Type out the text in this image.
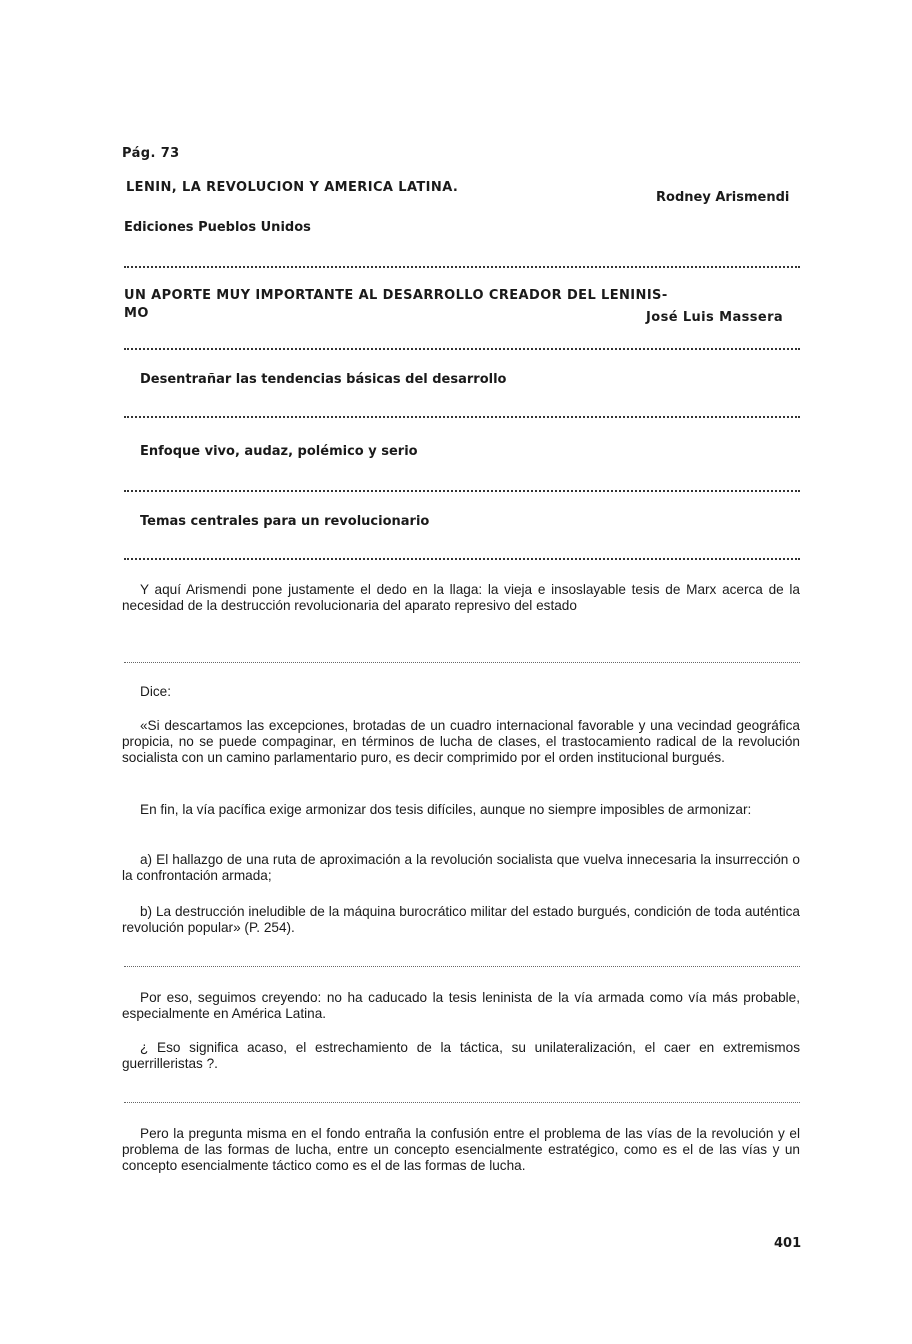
Pág. 73
LENIN, LA REVOLUCION Y AMERICA LATINA.
Rodney Arismendi
Ediciones Pueblos Unidos
UN APORTE MUY IMPORTANTE AL DESARROLLO CREADOR DEL LENINIS-
MO	José Luis Massera
Desentrañar las tendencias básicas del desarrollo
Enfoque vivo, audaz, polémico y serio
Temas centrales para un revolucionario
Y aquí Arismendi pone justamente el dedo en la llaga: la vieja e insoslayable tesis de Marx acerca de la necesidad de la destrucción revolucionaria del aparato represivo del estado
Dice:
«Si descartamos las excepciones, brotadas de un cuadro internacional favorable y una vecindad geográfica propicia, no se puede compaginar, en términos de lucha de clases, el trastocamiento radical de la revolución socialista con un camino parlamentario puro, es decir comprimido por el orden institucional burgués.
En fin, la vía pacífica exige armonizar dos tesis difíciles, aunque no siempre imposibles de armonizar:
a) El hallazgo de una ruta de aproximación a la revolución socialista que vuelva innecesaria la insurrección o la confrontación armada;
b) La destrucción ineludible de la máquina burocrático militar del estado burgués, condición de toda auténtica revolución popular» (P. 254).
Por eso, seguimos creyendo: no ha caducado la tesis leninista de la vía armada como vía más probable, especialmente en América Latina.
¿ Eso significa acaso, el estrechamiento de la táctica, su unilateralización, el caer en extremismos guerrilleristas ?.
Pero la pregunta misma en el fondo entraña la confusión entre el problema de las vías de la revolución y el problema de las formas de lucha, entre un concepto esencialmente estratégico, como es el de las vías y un concepto esencialmente táctico como es el de las formas de lucha.
401
